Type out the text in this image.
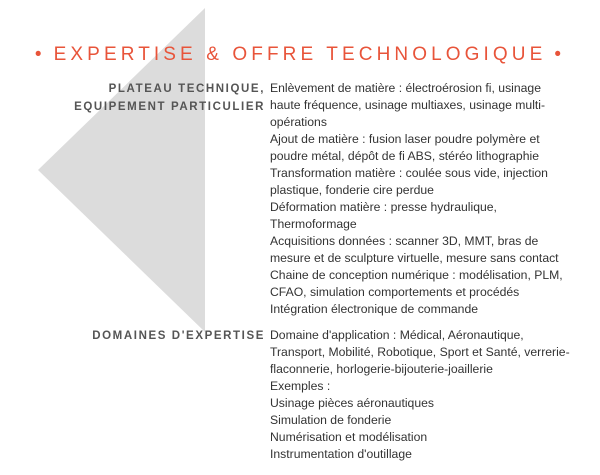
• EXPERTISE & OFFRE TECHNOLOGIQUE •
PLATEAU TECHNIQUE,
EQUIPEMENT PARTICULIER
Enlèvement de matière : électroérosion fi, usinage
haute fréquence, usinage multiaxes, usinage multi-
opérations
Ajout de matière : fusion laser poudre polymère et
poudre métal, dépôt de fi ABS, stéréo lithographie
Transformation matière : coulée sous vide, injection
plastique, fonderie cire perdue
Déformation matière : presse hydraulique,
Thermoformage
Acquisitions données : scanner 3D, MMT, bras de
mesure et de sculpture virtuelle, mesure sans contact
Chaine de conception numérique : modélisation, PLM,
CFAO, simulation comportements et procédés
Intégration électronique de commande
DOMAINES D'EXPERTISE Domaine d'application : Médical, Aéronautique,
Transport, Mobilité, Robotique, Sport et Santé, verrerie-
flaconnerie, horlogerie-bijouterie-joaillerie
Exemples :
Usinage pièces aéronautiques
Simulation de fonderie
Numérisation et modélisation
Instrumentation d'outillage
